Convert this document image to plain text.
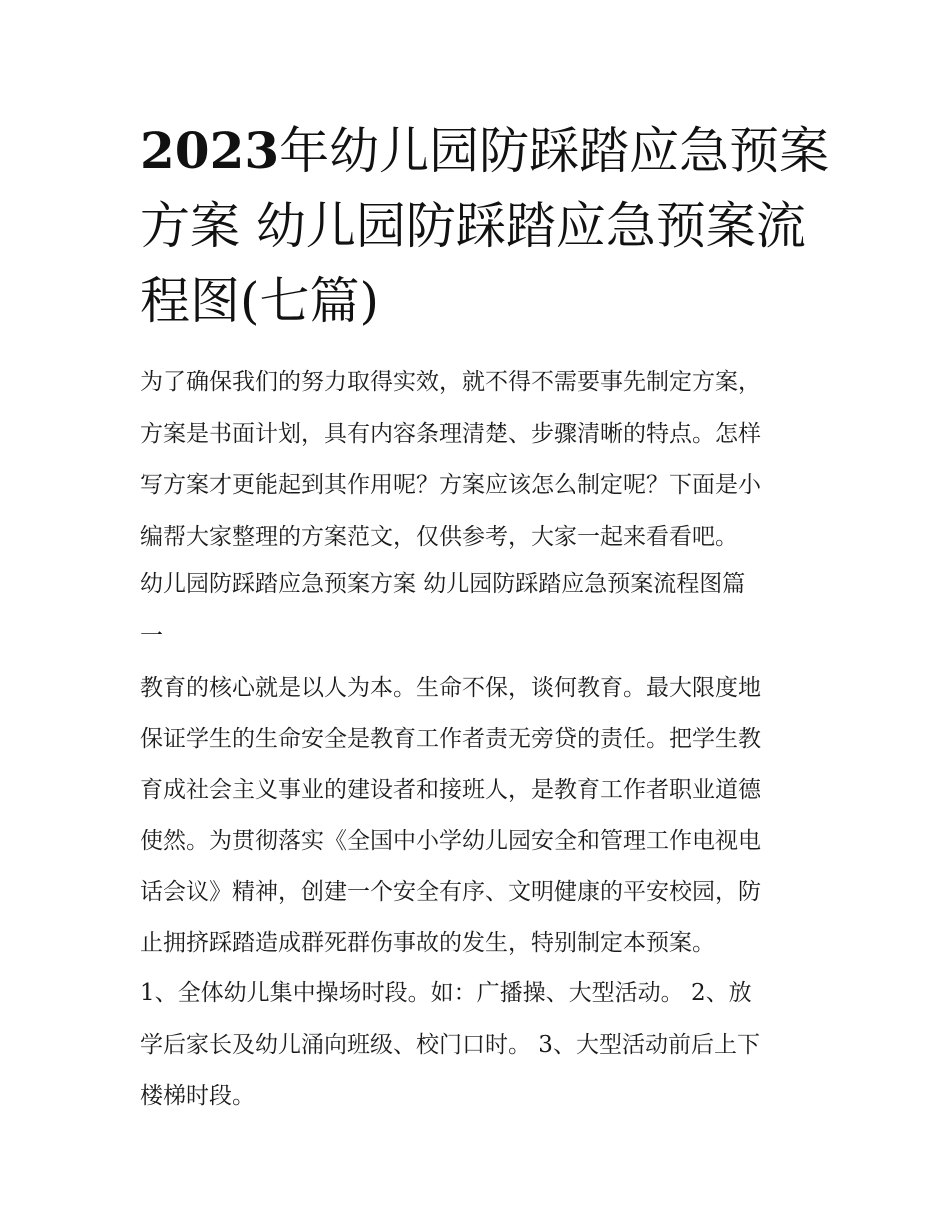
2023年幼儿园防踩踏应急预案
方案 幼儿园防踩踏应急预案流
程图(七篇)
为了确保我们的努力取得实效，就不得不需要事先制定方案，
方案是书面计划，具有内容条理清楚、步骤清晰的特点。怎样
写方案才更能起到其作用呢？方案应该怎么制定呢？下面是小
编帮大家整理的方案范文，仅供参考，大家一起来看看吧。
幼儿园防踩踏应急预案方案 幼儿园防踩踏应急预案流程图篇
一
教育的核心就是以人为本。生命不保，谈何教育。最大限度地
保证学生的生命安全是教育工作者责无旁贷的责任。把学生教
育成社会主义事业的建设者和接班人，是教育工作者职业道德
使然。为贯彻落实《全国中小学幼儿园安全和管理工作电视电
话会议》精神，创建一个安全有序、文明健康的平安校园，防
止拥挤踩踏造成群死群伤事故的发生，特别制定本预案。
1、全体幼儿集中操场时段。如：广播操、大型活动。 2、放
学后家长及幼儿涌向班级、校门口时。 3、大型活动前后上下
楼梯时段。
